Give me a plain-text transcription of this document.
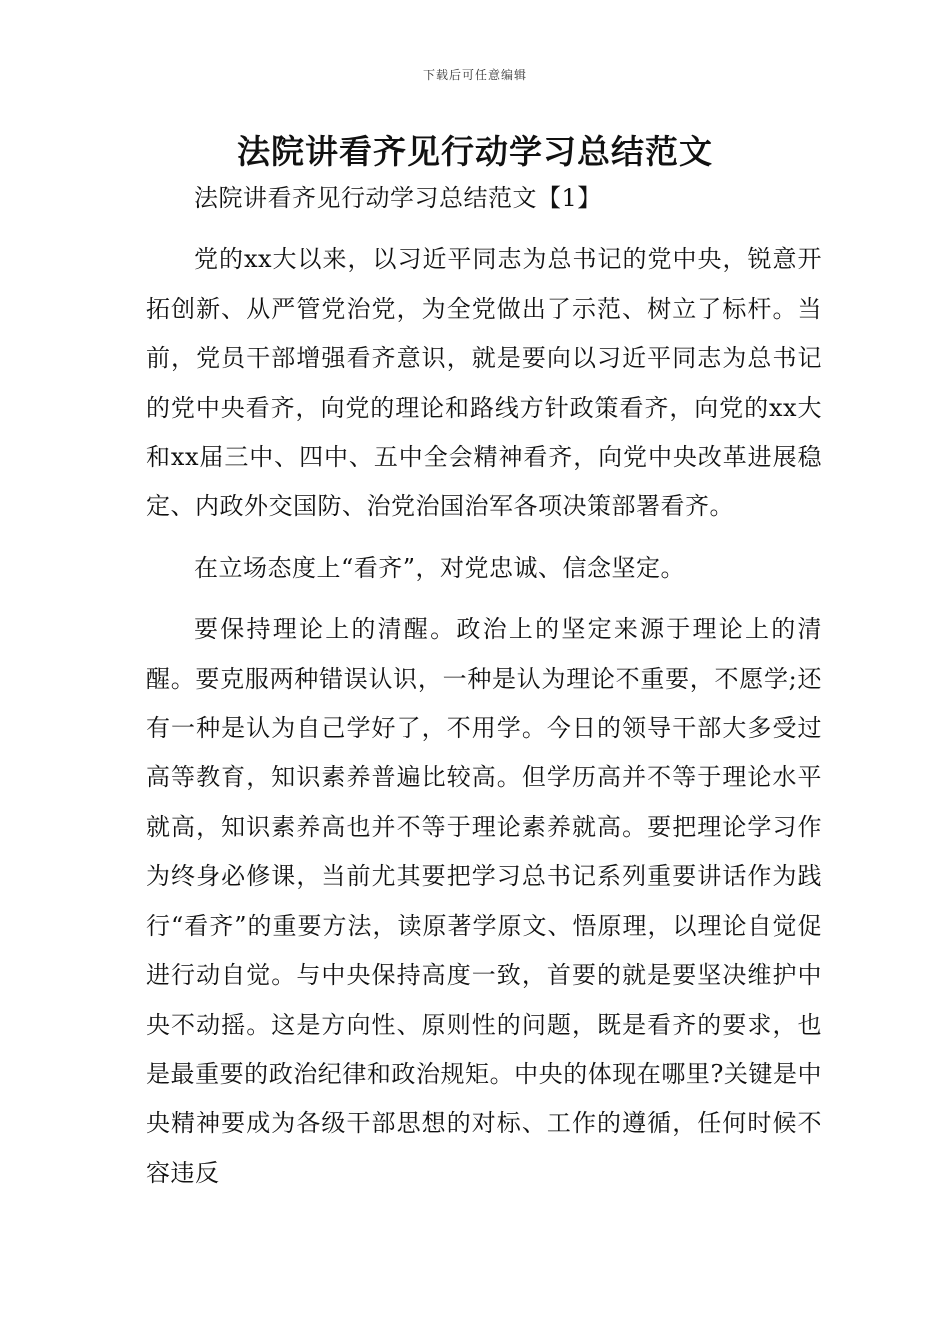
下载后可任意编辑
法院讲看齐见行动学习总结范文

法院讲看齐见行动学习总结范文【1】

党的xx大以来，以习近平同志为总书记的党中央，锐意开拓创新、从严管党治党，为全党做出了示范、树立了标杆。当前，党员干部增强看齐意识，就是要向以习近平同志为总书记的党中央看齐，向党的理论和路线方针政策看齐，向党的xx大和xx届三中、四中、五中全会精神看齐，向党中央改革进展稳定、内政外交国防、治党治国治军各项决策部署看齐。

在立场态度上“看齐”，对党忠诚、信念坚定。

要保持理论上的清醒。政治上的坚定来源于理论上的清醒。要克服两种错误认识，一种是认为理论不重要，不愿学;还有一种是认为自己学好了，不用学。今日的领导干部大多受过高等教育，知识素养普遍比较高。但学历高并不等于理论水平就高，知识素养高也并不等于理论素养就高。要把理论学习作为终身必修课，当前尤其要把学习总书记系列重要讲话作为践行“看齐”的重要方法，读原著学原文、悟原理，以理论自觉促进行动自觉。与中央保持高度一致，首要的就是要坚决维护中央不动摇。这是方向性、原则性的问题，既是看齐的要求，也是最重要的政治纪律和政治规矩。中央的体现在哪里?关键是中央精神要成为各级干部思想的对标、工作的遵循，任何时候不容违反
